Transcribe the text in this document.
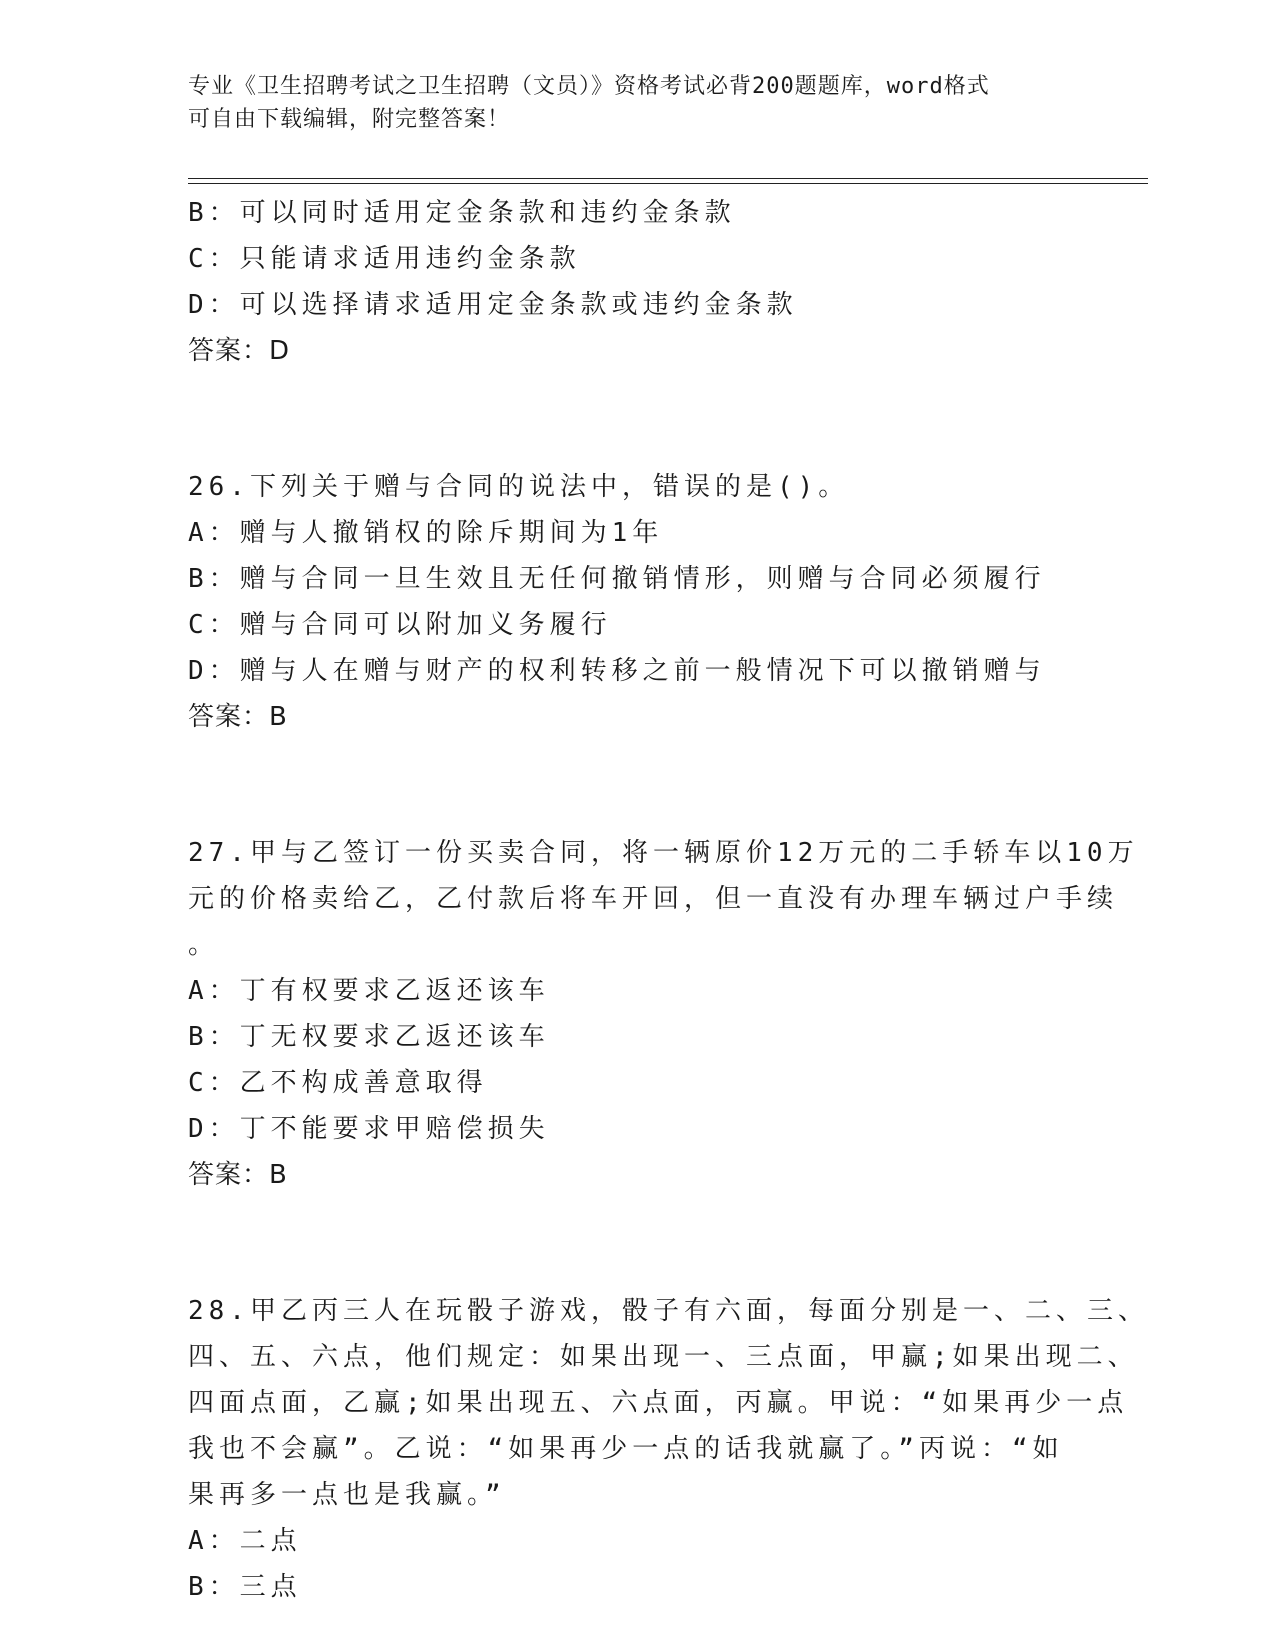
专业《卫生招聘考试之卫生招聘（文员）》资格考试必背200题题库，word格式
可自由下载编辑，附完整答案！
B：可以同时适用定金条款和违约金条款
C：只能请求适用违约金条款
D：可以选择请求适用定金条款或违约金条款
答案：D
26.下列关于赠与合同的说法中，错误的是()。
A：赠与人撤销权的除斥期间为1年
B：赠与合同一旦生效且无任何撤销情形，则赠与合同必须履行
C：赠与合同可以附加义务履行
D：赠与人在赠与财产的权利转移之前一般情况下可以撤销赠与
答案：B
27.甲与乙签订一份买卖合同，将一辆原价12万元的二手轿车以10万
元的价格卖给乙，乙付款后将车开回，但一直没有办理车辆过户手续
。
A：丁有权要求乙返还该车
B：丁无权要求乙返还该车
C：乙不构成善意取得
D：丁不能要求甲赔偿损失
答案：B
28.甲乙丙三人在玩骰子游戏，骰子有六面，每面分别是一、二、三、
四、五、六点，他们规定：如果出现一、三点面，甲赢;如果出现二、
四面点面，乙赢;如果出现五、六点面，丙赢。甲说：“如果再少一点
我也不会赢”。乙说：“如果再少一点的话我就赢了。”丙说：“如
果再多一点也是我赢。”
A：二点
B：三点
